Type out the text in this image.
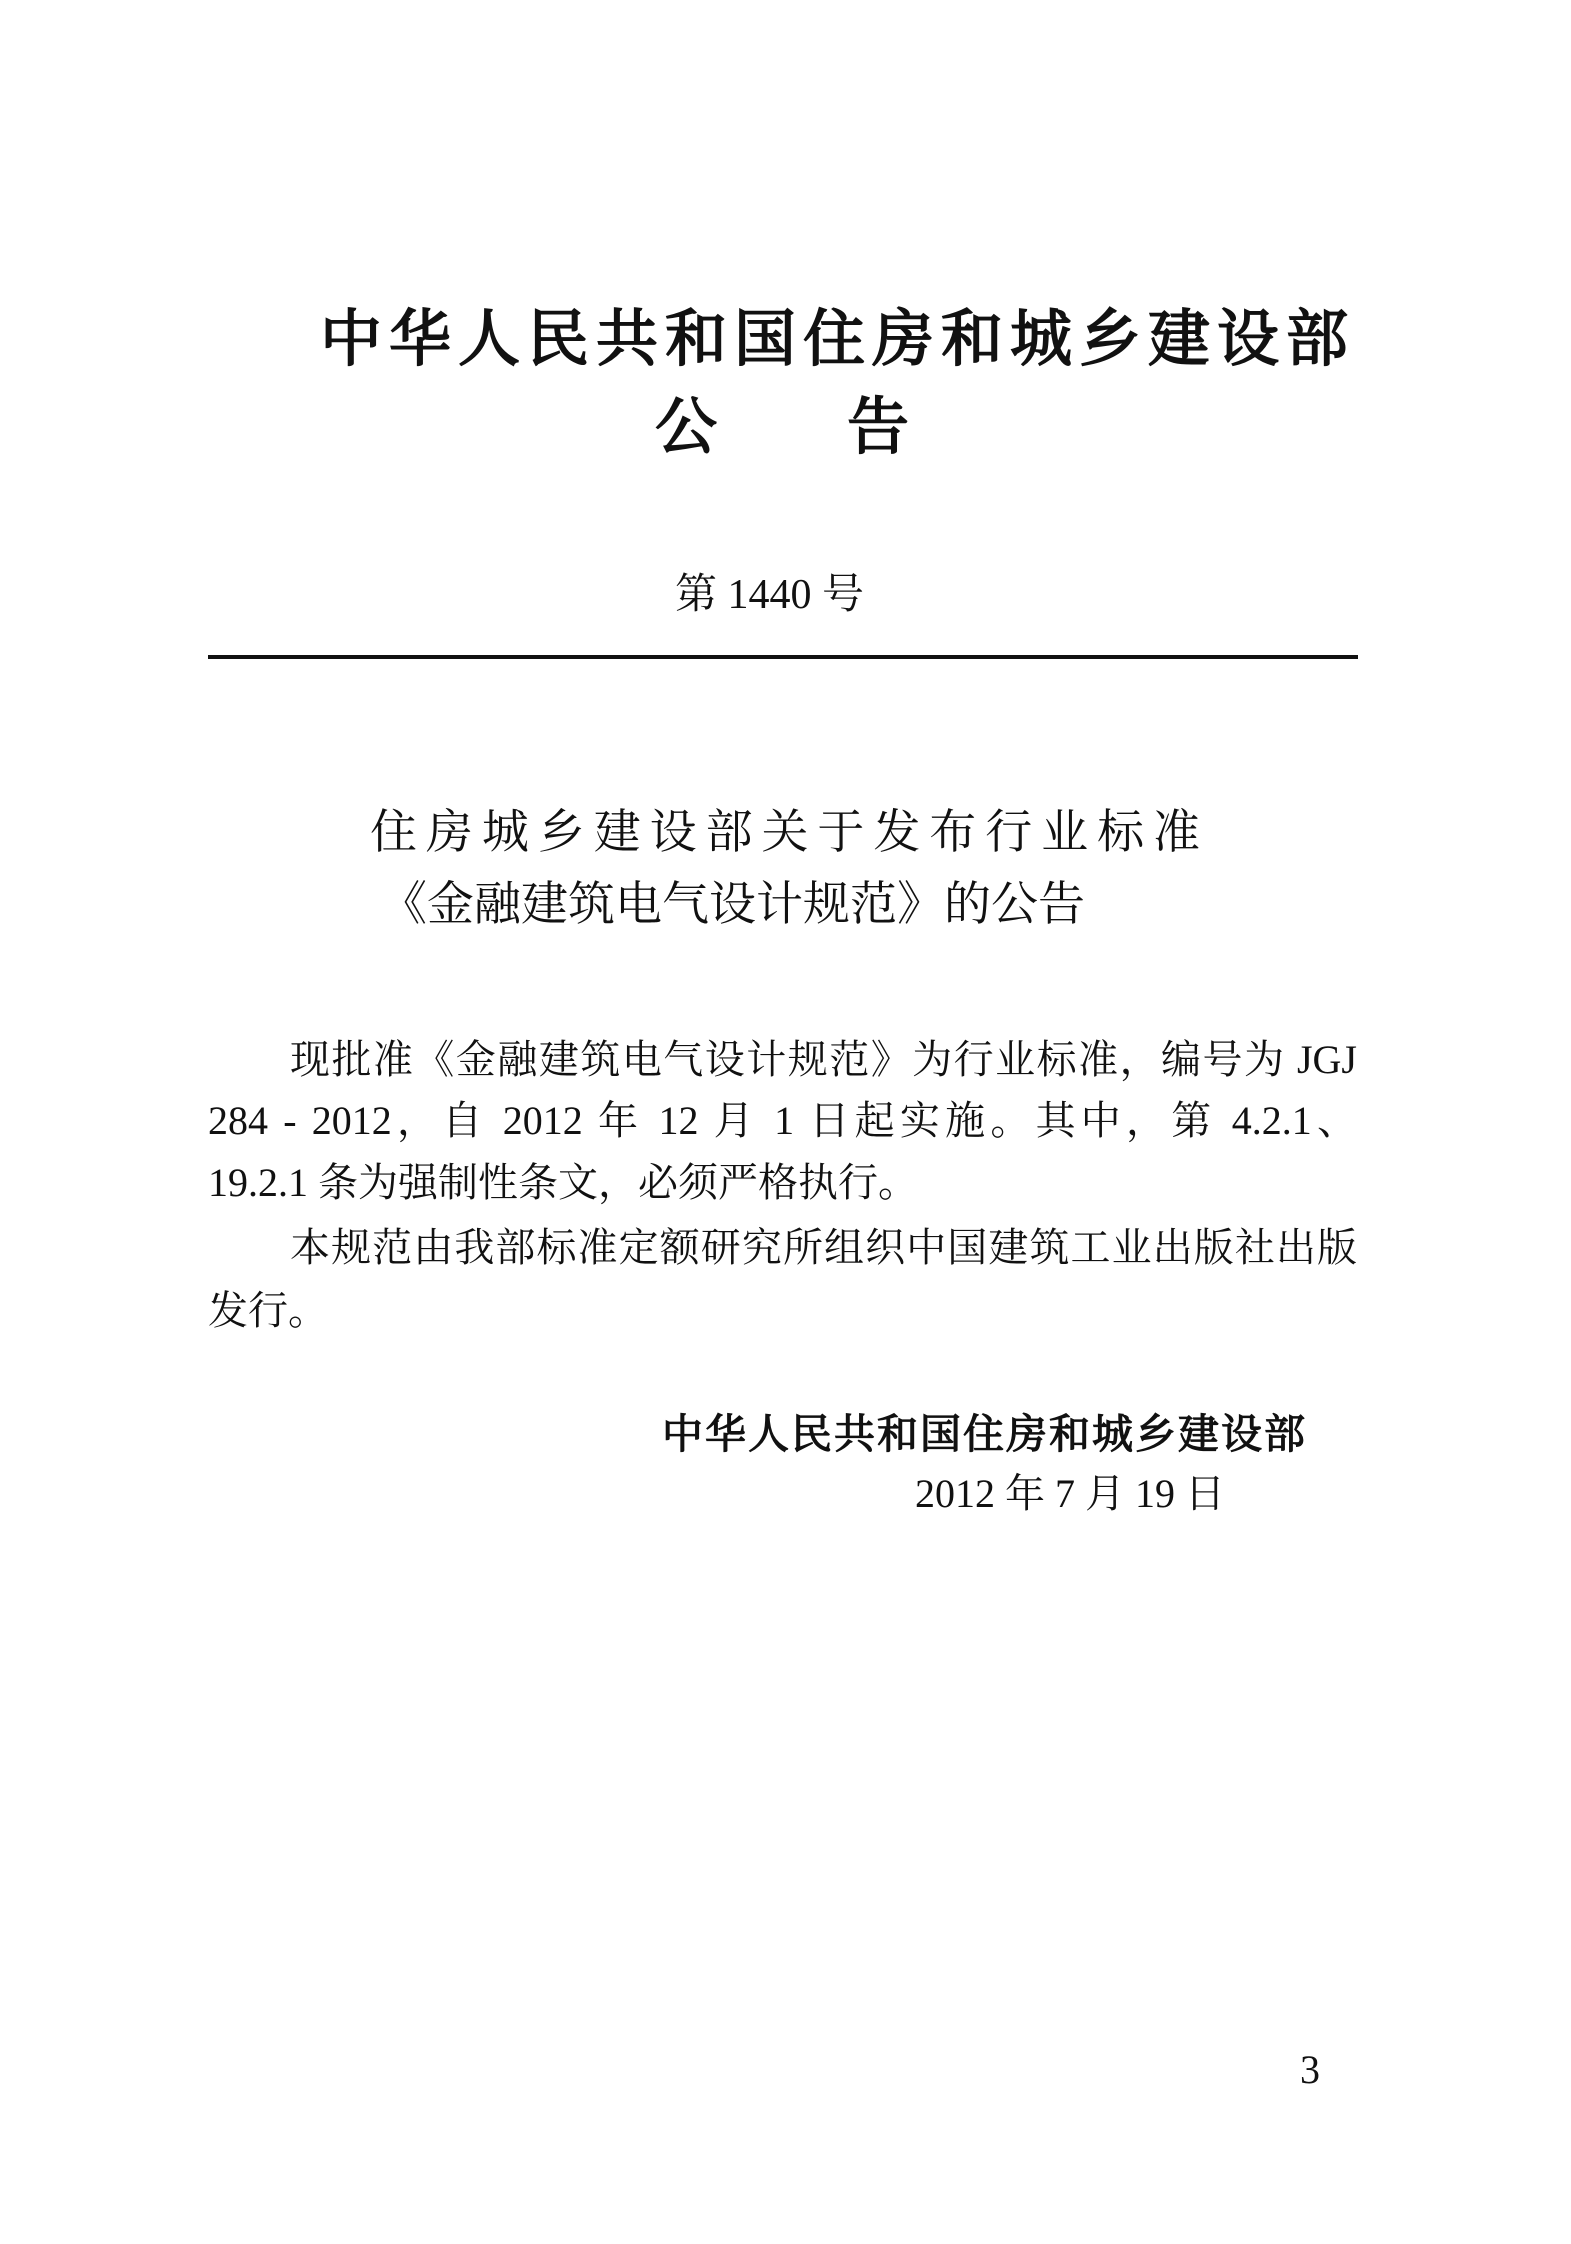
中华人民共和国住房和城乡建设部
公告
第 1440 号
住房城乡建设部关于发布行业标准
《金融建筑电气设计规范》的公告
现批准《金融建筑电气设计规范》为行业标准，编号为 JGJ
284 - 2012，自 2012 年 12 月 1 日起实施。其中，第 4.2.1、
19.2.1 条为强制性条文，必须严格执行。
本规范由我部标准定额研究所组织中国建筑工业出版社出版
发行。
中华人民共和国住房和城乡建设部
2012 年 7 月 19 日
3
